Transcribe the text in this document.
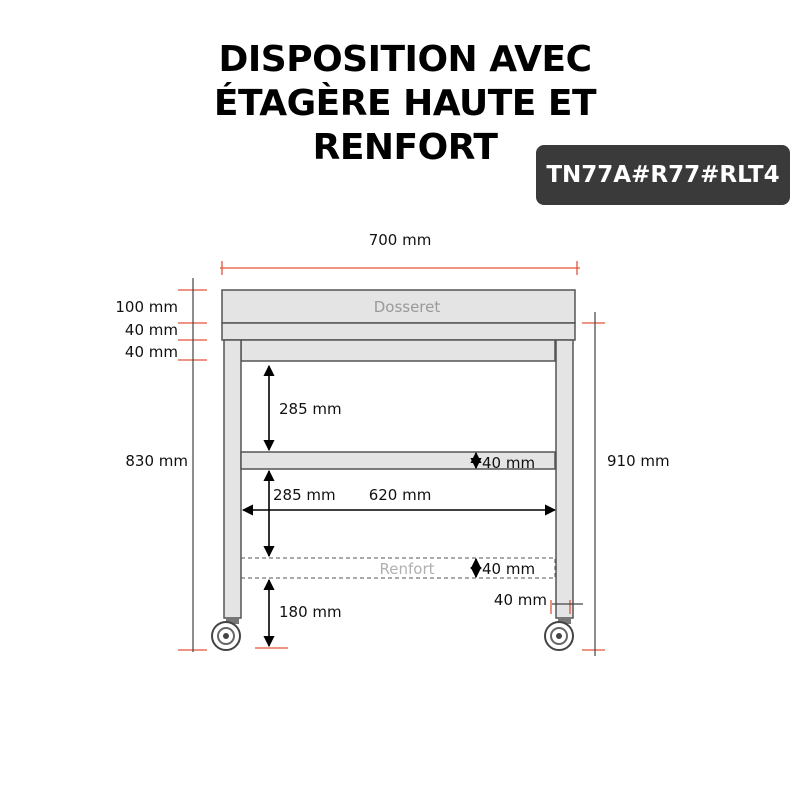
DISPOSITION AVEC
ÉTAGÈRE HAUTE ET
RENFORT
TN77A#R77#RLT4
Dosseret
Renfort
700 mm
100 mm
40 mm
40 mm
830 mm	910 mm
285 mm
40 mm
285 mm 620 mm
40 mm
40 mm
180 mm
